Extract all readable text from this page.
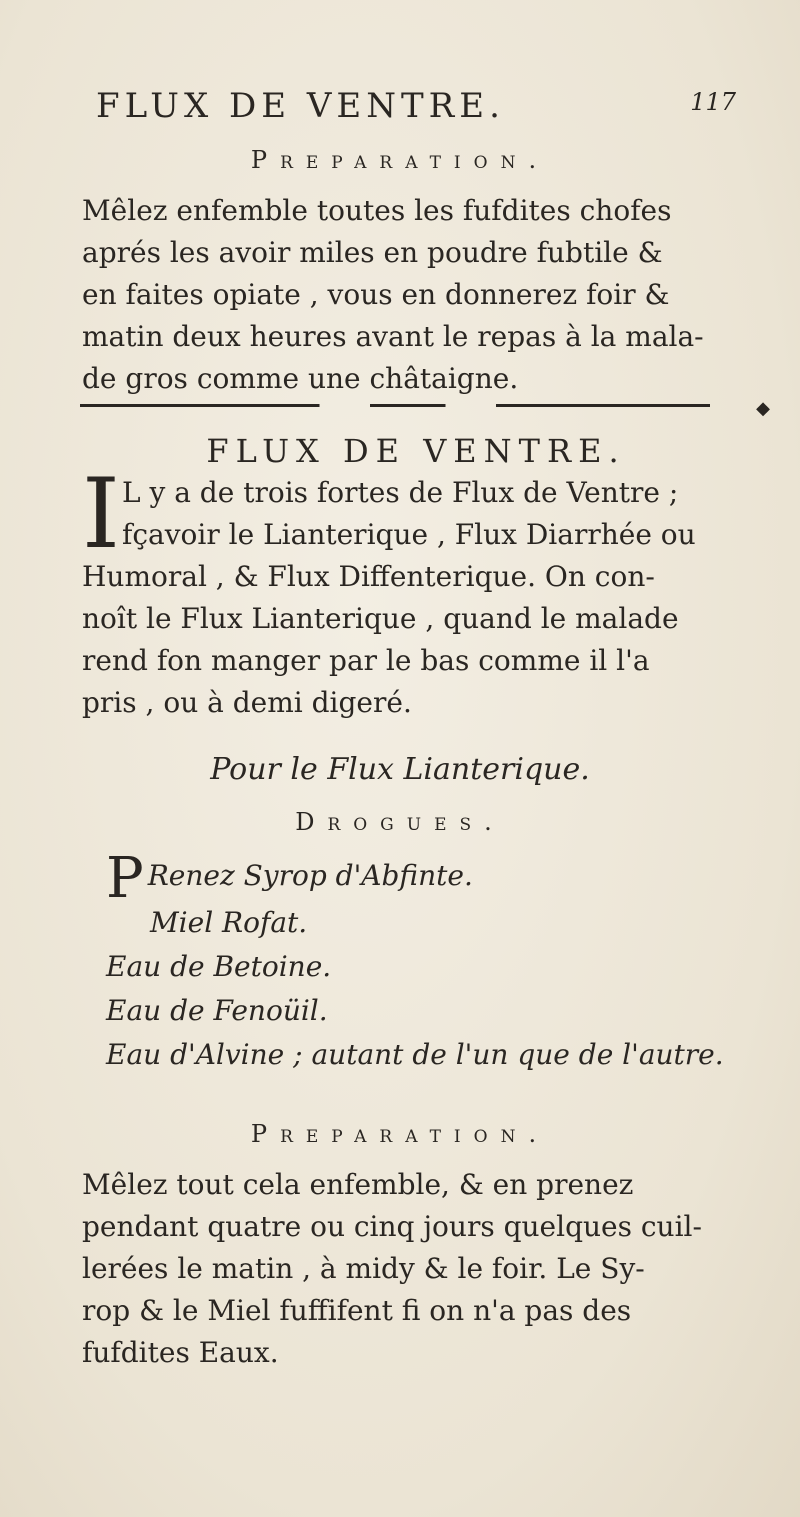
FLUX DE VENTRE.	117
Preparation.
Mêlez enfemble toutes les fufdites chofes
aprés les avoir miles en poudre fubtile &
en faites opiate , vous en donnerez foir &
matin deux heures avant le repas à la mala-
de gros comme une châtaigne.
◆
FLUX DE VENTRE.
I L y a de trois fortes de Flux de Ventre ;
fçavoir le Lianterique , Flux Diarrhée ou
Humoral , & Flux Diffenterique. On con-
noît le Flux Lianterique , quand le malade
rend fon manger par le bas comme il l'a
pris , ou à demi digeré.
Pour le Flux Lianterique.
Drogues.
P Renez Syrop d'Abfinte.
Miel Rofat.
Eau de Betoine.
Eau de Fenoüil.
Eau d'Alvine ; autant de l'un que de l'autre.
Preparation.
Mêlez tout cela enfemble, & en prenez
pendant quatre ou cinq jours quelques cuil-
lerées le matin , à midy & le foir. Le Sy-
rop & le Miel fuffifent fi on n'a pas des
fufdites Eaux.
